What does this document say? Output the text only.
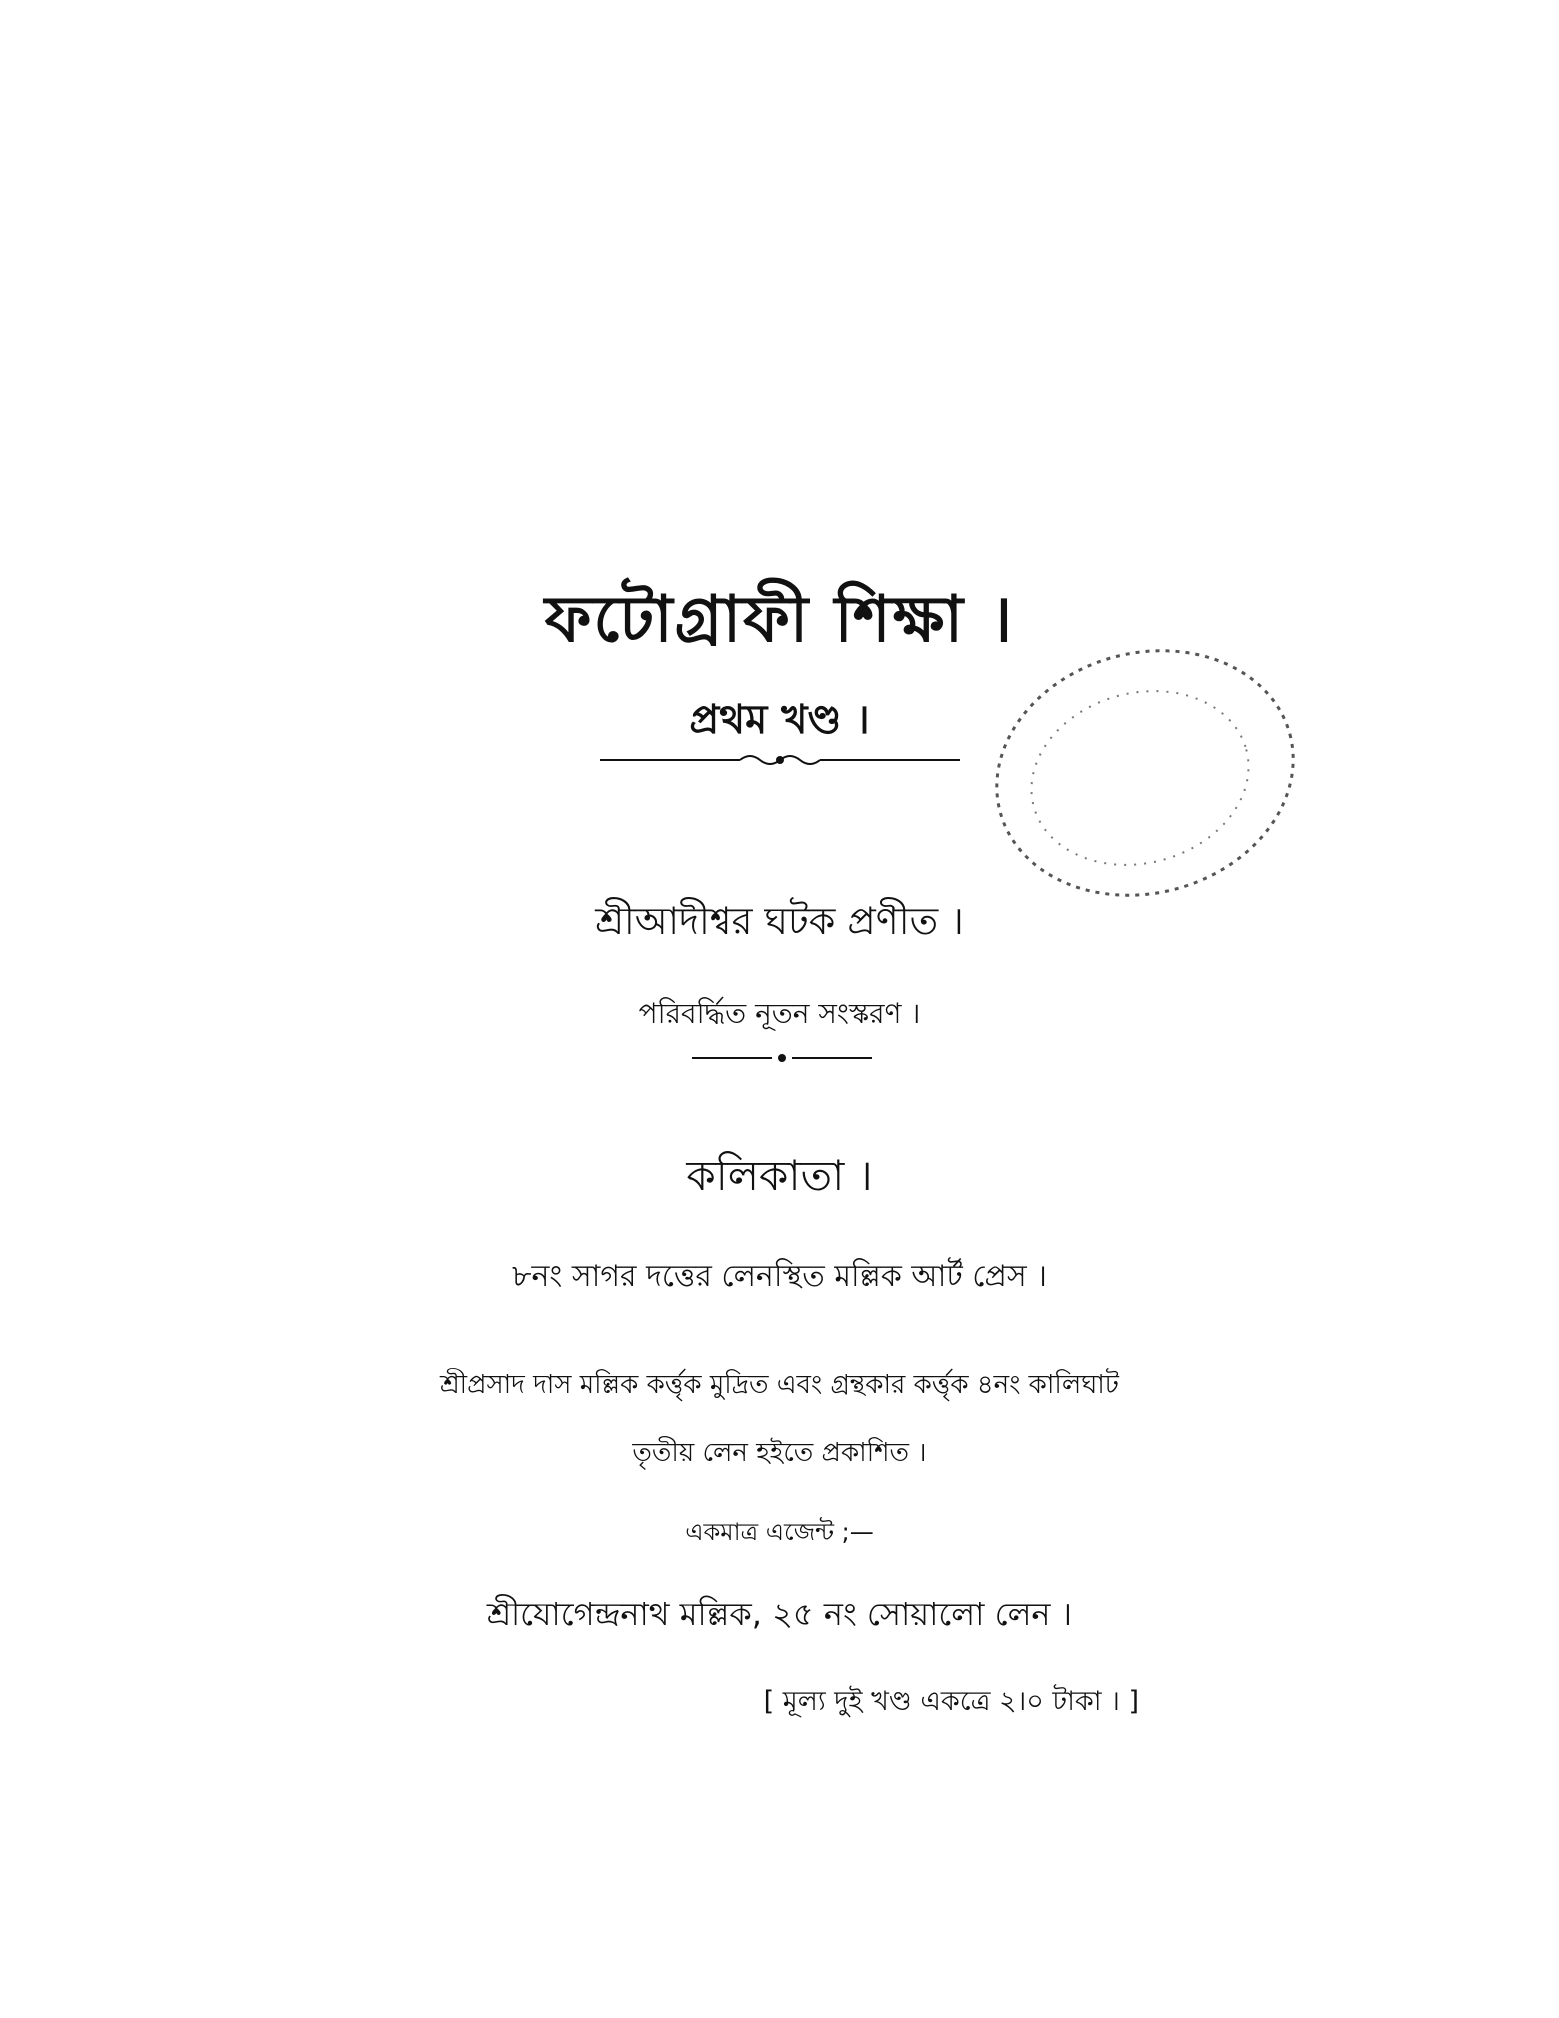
ফটোগ্রাফী শিক্ষা ।
প্রথম খণ্ড ।
শ্রীআদীশ্বর ঘটক প্রণীত ।
পরিবর্দ্ধিত নূতন সংস্করণ ।
কলিকাতা ।
৮নং সাগর দত্তের লেনস্থিত মল্লিক আর্ট প্রেস ।
শ্রীপ্রসাদ দাস মল্লিক কর্ত্তৃক মুদ্রিত এবং গ্রন্থকার কর্ত্তৃক ৪নং কালিঘাট
তৃতীয় লেন হইতে প্রকাশিত ।
একমাত্র এজেন্ট ;—
শ্রীযোগেন্দ্রনাথ মল্লিক, ২৫ নং সোয়ালো লেন ।
[ মূল্য দুই খণ্ড একত্রে ২।০ টাকা । ]
